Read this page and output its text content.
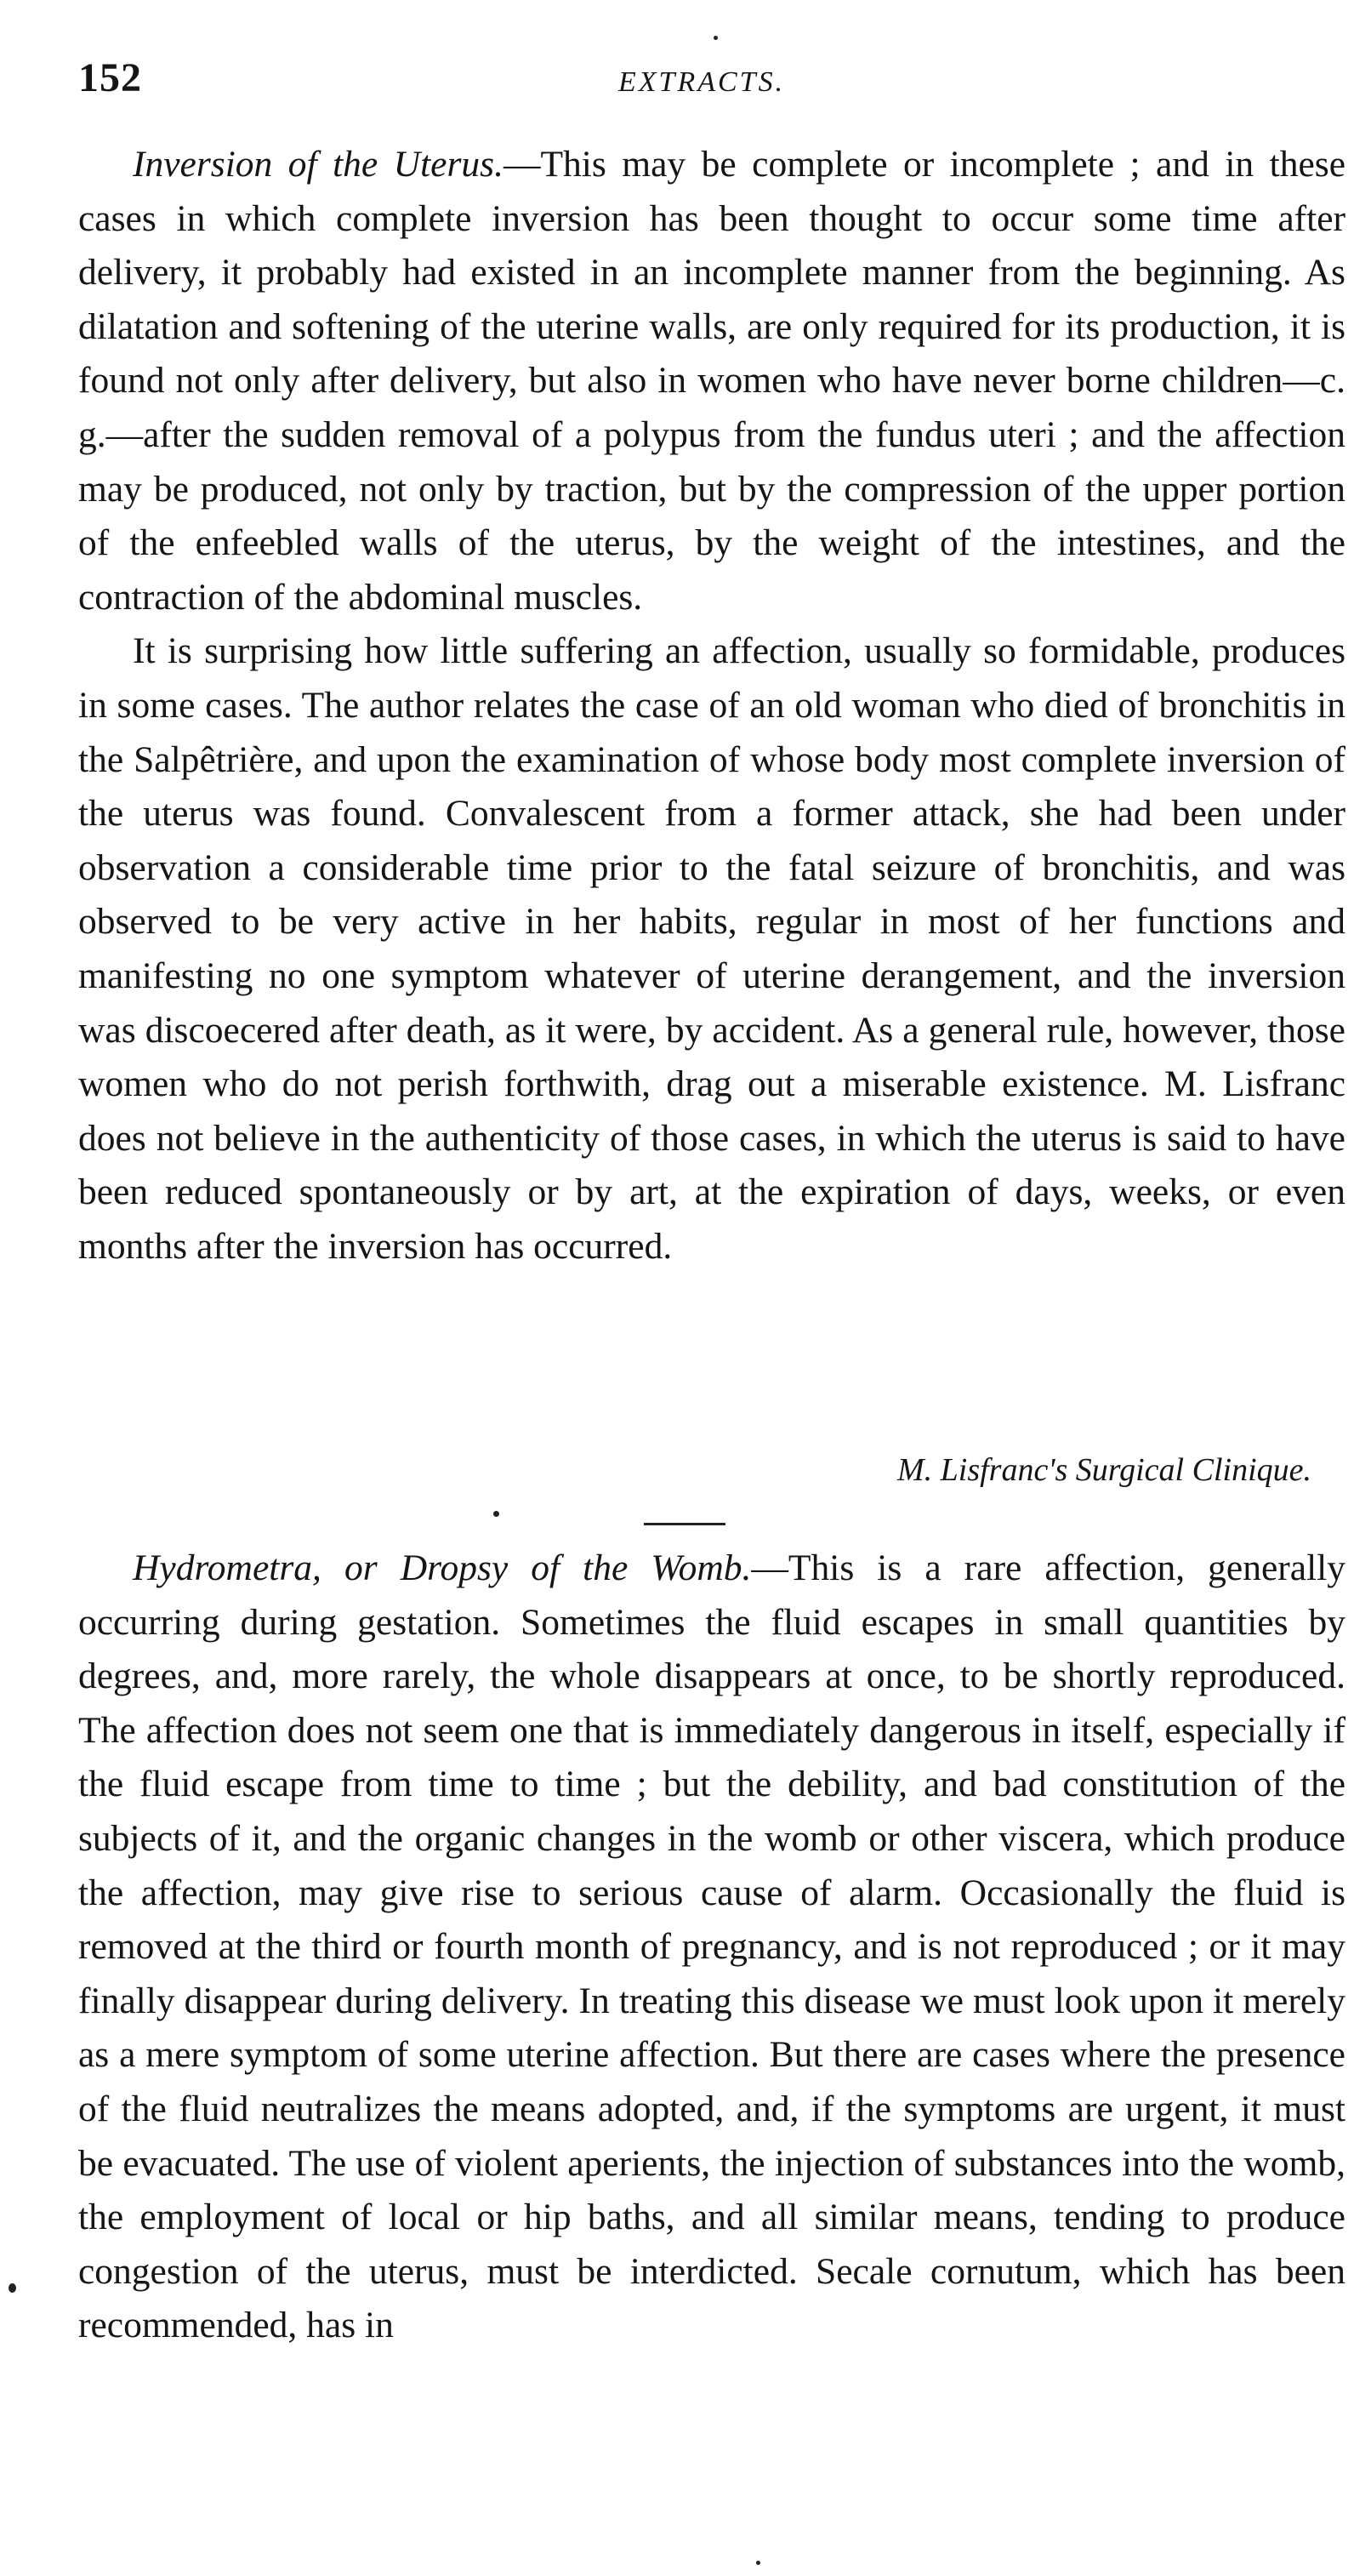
152	EXTRACTS.

Inversion of the Uterus.—This may be complete or incomplete ; and in these cases in which complete inversion has been thought to occur some time after delivery, it probably had existed in an incomplete manner from the beginning. As dilatation and softening of the uterine walls, are only required for its production, it is found not only after delivery, but also in women who have never borne children—c. g.—after the sudden removal of a polypus from the fundus uteri ; and the affection may be produced, not only by traction, but by the compression of the upper portion of the enfeebled walls of the uterus, by the weight of the intestines, and the contraction of the abdominal muscles.

It is surprising how little suffering an affection, usually so formidable, produces in some cases. The author relates the case of an old woman who died of bronchitis in the Salpêtrière, and upon the examination of whose body most complete inversion of the uterus was found. Convalescent from a former attack, she had been under observation a considerable time prior to the fatal seizure of bronchitis, and was observed to be very active in her habits, regular in most of her functions and manifesting no one symptom whatever of uterine derangement, and the inversion was discoecered after death, as it were, by accident. As a general rule, however, those women who do not perish forthwith, drag out a miserable existence. M. Lisfranc does not believe in the authenticity of those cases, in which the uterus is said to have been reduced spontaneously or by art, at the expiration of days, weeks, or even months after the inversion has occurred.

M. Lisfranc's Surgical Clinique.

Hydrometra, or Dropsy of the Womb.—This is a rare affection, generally occurring during gestation. Sometimes the fluid escapes in small quantities by degrees, and, more rarely, the whole disappears at once, to be shortly reproduced. The affection does not seem one that is immediately dangerous in itself, especially if the fluid escape from time to time ; but the debility, and bad constitution of the subjects of it, and the organic changes in the womb or other viscera, which produce the affection, may give rise to serious cause of alarm. Occasionally the fluid is removed at the third or fourth month of pregnancy, and is not reproduced ; or it may finally disappear during delivery. In treating this disease we must look upon it merely as a mere symptom of some uterine affection. But there are cases where the presence of the fluid neutralizes the means adopted, and, if the symptoms are urgent, it must be evacuated. The use of violent aperients, the injection of substances into the womb, the employment of local or hip baths, and all similar means, tending to produce congestion of the uterus, must be interdicted. Secale cornutum, which has been recommended, has in
